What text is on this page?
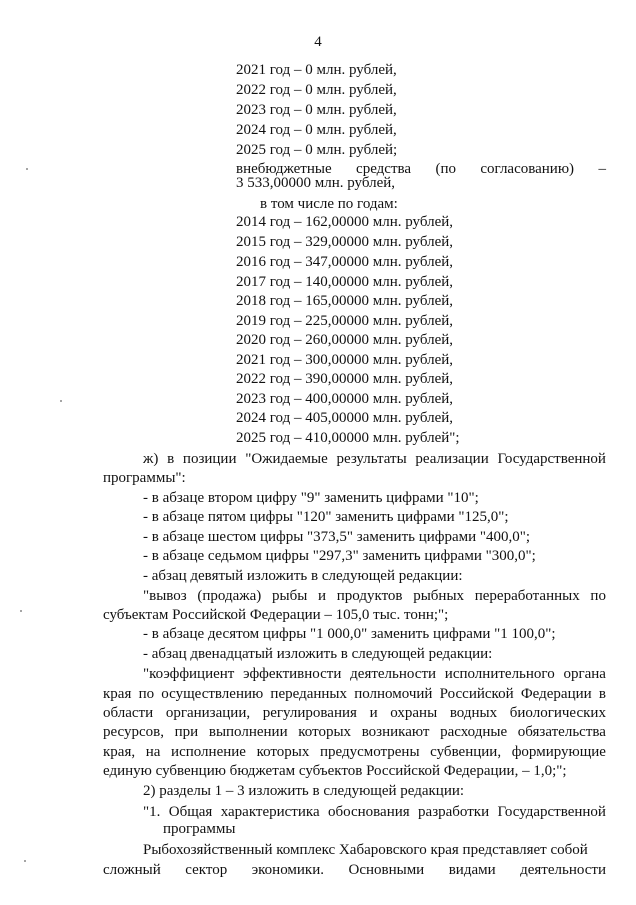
4
2021 год – 0 млн. рублей,
2022 год – 0 млн. рублей,
2023 год – 0 млн. рублей,
2024 год – 0 млн. рублей,
2025 год – 0 млн. рублей;
внебюджетные средства (по согласованию) –
3 533,00000 млн. рублей,
в том числе по годам:
2014 год – 162,00000 млн. рублей,
2015 год – 329,00000 млн. рублей,
2016 год – 347,00000 млн. рублей,
2017 год – 140,00000 млн. рублей,
2018 год – 165,00000 млн. рублей,
2019 год – 225,00000 млн. рублей,
2020 год – 260,00000 млн. рублей,
2021 год – 300,00000 млн. рублей,
2022 год – 390,00000 млн. рублей,
2023 год – 400,00000 млн. рублей,
2024 год – 405,00000 млн. рублей,
2025 год – 410,00000 млн. рублей";
ж) в позиции "Ожидаемые результаты реализации Государственной
программы":
- в абзаце втором цифру "9" заменить цифрами "10";
- в абзаце пятом цифры "120" заменить цифрами "125,0";
- в абзаце шестом цифры "373,5" заменить цифрами "400,0";
- в абзаце седьмом цифры "297,3" заменить цифрами "300,0";
- абзац девятый изложить в следующей редакции:
"вывоз (продажа) рыбы и продуктов рыбных переработанных по
субъектам Российской Федерации – 105,0 тыс. тонн;";
- в абзаце десятом цифры "1 000,0" заменить цифрами "1 100,0";
- абзац двенадцатый изложить в следующей редакции:
"коэффициент эффективности деятельности исполнительного органа
края по осуществлению переданных полномочий Российской Федерации в
области организации, регулирования и охраны водных биологических
ресурсов, при выполнении которых возникают расходные обязательства
края, на исполнение которых предусмотрены субвенции, формирующие
единую субвенцию бюджетам субъектов Российской Федерации, – 1,0;";
2) разделы 1 – 3 изложить в следующей редакции:
"1. Общая характеристика обоснования разработки Государственной
программы
Рыбохозяйственный комплекс Хабаровского края представляет собой
сложный сектор экономики. Основными видами деятельности
